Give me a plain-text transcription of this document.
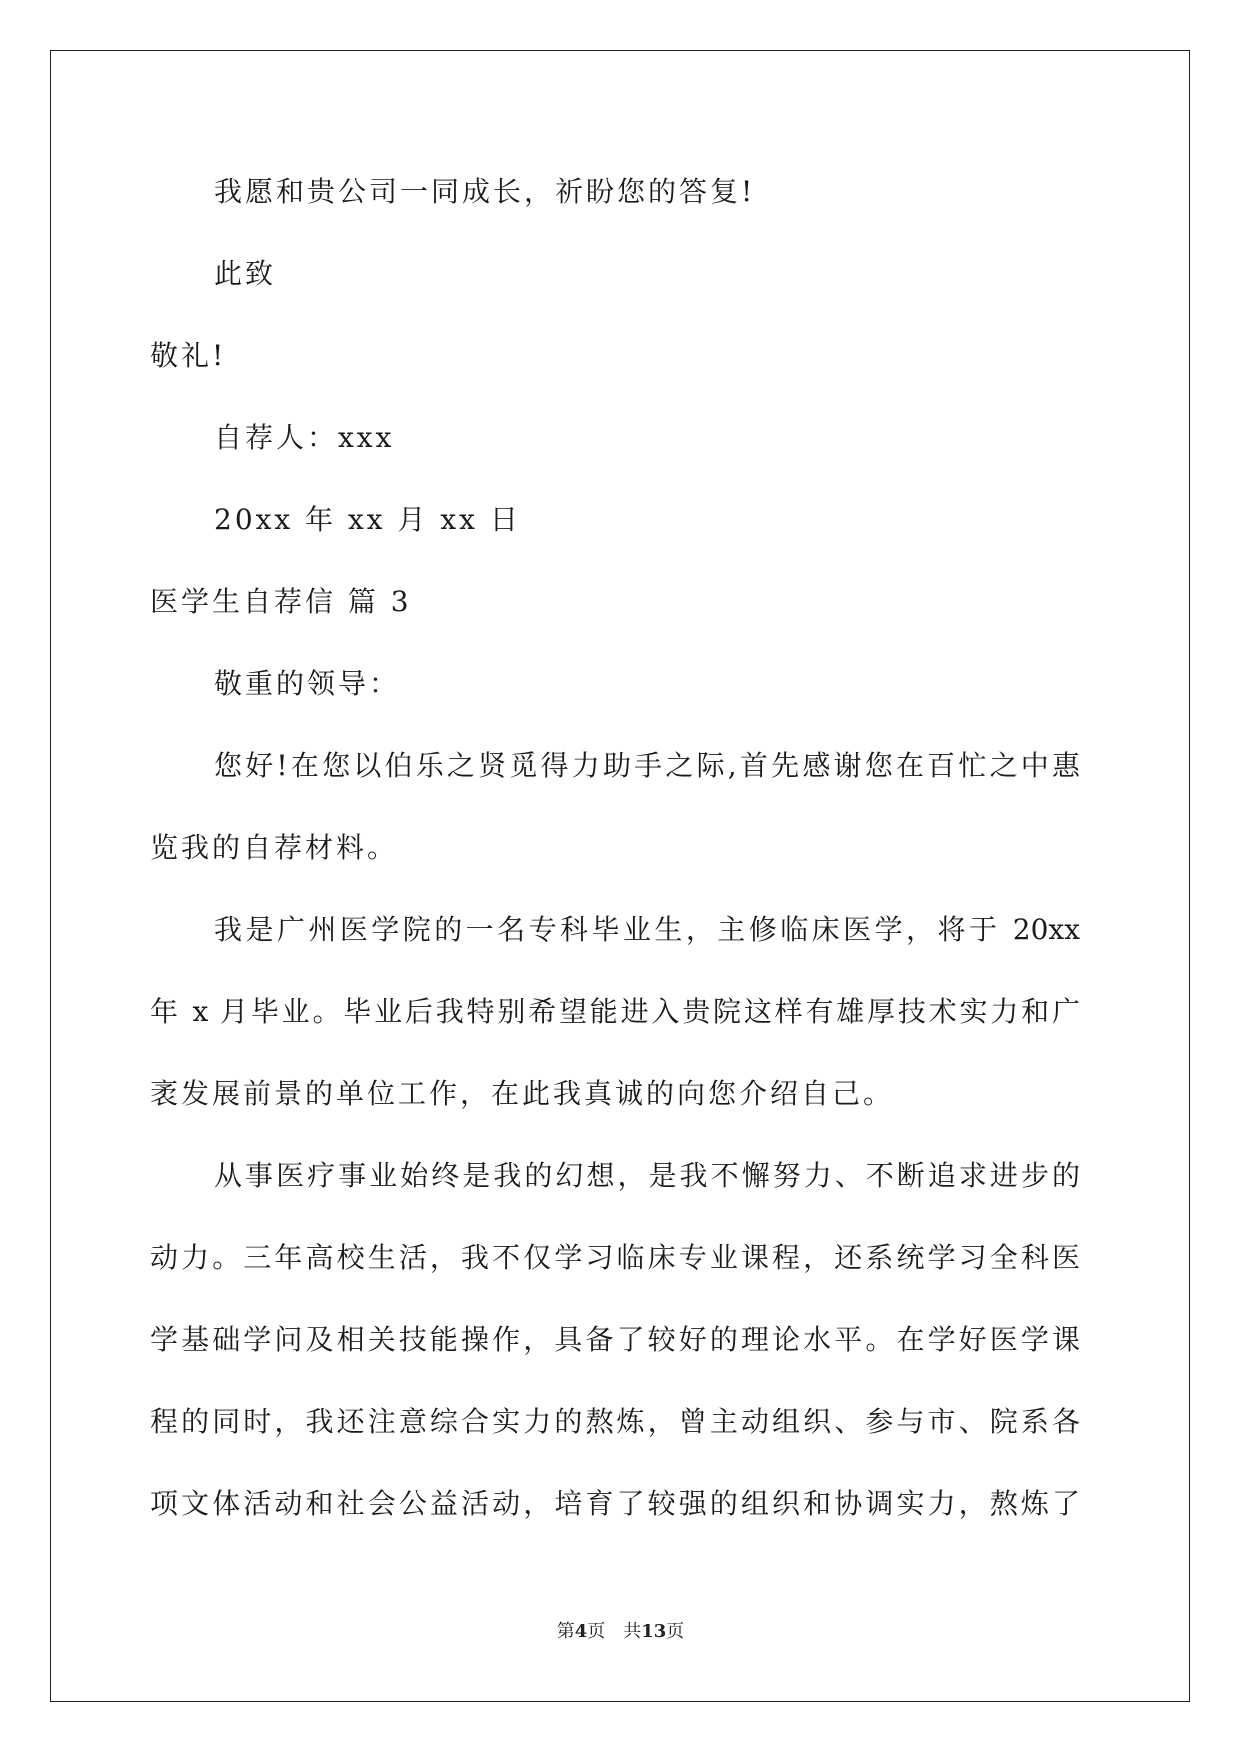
我愿和贵公司一同成长，祈盼您的答复!
此致
敬礼!
自荐人：xxx
20xx 年 xx 月 xx 日
医学生自荐信 篇 3
敬重的领导：
您好!在您以伯乐之贤觅得力助手之际,首先感谢您在百忙之中惠
览我的自荐材料。
我是广州医学院的一名专科毕业生，主修临床医学，将于 20xx
年 x 月毕业。毕业后我特别希望能进入贵院这样有雄厚技术实力和广
袤发展前景的单位工作，在此我真诚的向您介绍自己。
从事医疗事业始终是我的幻想，是我不懈努力、不断追求进步的
动力。三年高校生活，我不仅学习临床专业课程，还系统学习全科医
学基础学问及相关技能操作，具备了较好的理论水平。在学好医学课
程的同时，我还注意综合实力的熬炼，曾主动组织、参与市、院系各
项文体活动和社会公益活动，培育了较强的组织和协调实力，熬炼了
第4页　共13页
